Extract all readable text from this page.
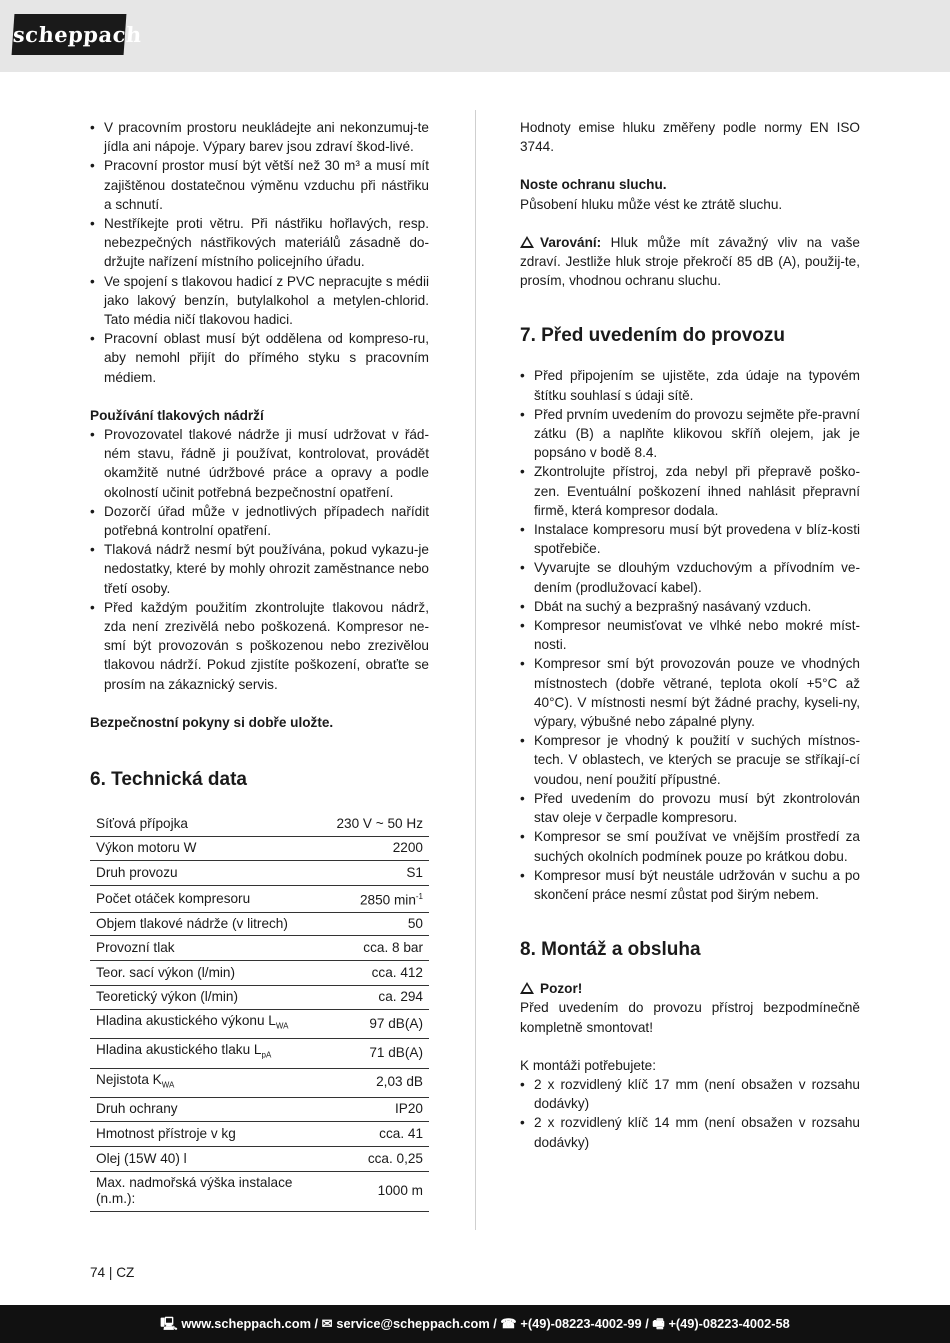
scheppach
• V pracovním prostoru neukládejte ani nekonzumuj-te jídla ani nápoje. Výpary barev jsou zdraví škod-livé.
• Pracovní prostor musí být větší než 30 m³ a musí mít zajištěnou dostatečnou výměnu vzduchu při nástřiku a schnutí.
• Nestříkejte proti větru. Při nástřiku hořlavých, resp. nebezpečných nástřikových materiálů zásadně do-držujte nařízení místního policejního úřadu.
• Ve spojení s tlakovou hadicí z PVC nepracujte s médii jako lakový benzín, butylalkohol a metylen-chlorid. Tato média ničí tlakovou hadici.
• Pracovní oblast musí být oddělena od kompreso-ru, aby nemohl přijít do přímého styku s pracovním médiem.

Používání tlakových nádrží

• Provozovatel tlakové nádrže ji musí udržovat v řád-ném stavu, řádně ji používat, kontrolovat, provádět okamžitě nutné údržbové práce a opravy a podle okolností učinit potřebná bezpečnostní opatření.
• Dozorčí úřad může v jednotlivých případech nařídit potřebná kontrolní opatření.
• Tlaková nádrž nesmí být používána, pokud vykazu-je nedostatky, které by mohly ohrozit zaměstnance nebo třetí osoby.
• Před každým použitím zkontrolujte tlakovou nádrž, zda není zrezivělá nebo poškozená. Kompresor ne-smí být provozován s poškozenou nebo zrezivělou tlakovou nádrží. Pokud zjistíte poškození, obraťte se prosím na zákaznický servis.

Bezpečnostní pokyny si dobře uložte.

6. Technická data
Síťová přípojka	230 V ~ 50 Hz
Výkon motoru W	2200
Druh provozu	S1
Počet otáček kompresoru	2850 $\min^{-1}$
Objem tlakové nádrže (v litrech)	50
Provozní tlak	cca. 8 bar
Teor. sací výkon (l/min)	cca. 412
Teoretický výkon (l/min)	ca. 294
Hladina akustického výkonu $L_{WA}$	97 dB(A)
Hladina akustického tlaku $L_{pA}$	71 dB(A)
Nejistota $K_{WA}$	2,03 dB
Druh ochrany	IP20
Hmotnost přístroje v kg	cca. 41
Olej (15W 40) l	cca. 0,25
Max. nadmořská výška instalace (n.m.):	1000 m

Hodnoty emise hluku změřeny podle normy EN ISO 3744.

Noste ochranu sluchu.

Působení hluku může vést ke ztrátě sluchu.

Varování: Hluk může mít závažný vliv na vaše zdraví. Jestliže hluk stroje překročí 85 dB (A), použij-te, prosím, vhodnou ochranu sluchu.

7. Před uvedením do provozu
• Před připojením se ujistěte, zda údaje na typovém štítku souhlasí s údaji sítě.
• Před prvním uvedením do provozu sejměte pře-pravní zátku (B) a naplňte klikovou skříň olejem, jak je popsáno v bodě 8.4.
• Zkontrolujte přístroj, zda nebyl při přepravě poško-zen. Eventuální poškození ihned nahlásit přepravní firmě, která kompresor dodala.
• Instalace kompresoru musí být provedena v blíz-kosti spotřebiče.
• Vyvarujte se dlouhým vzduchovým a přívodním ve-dením (prodlužovací kabel).
• Dbát na suchý a bezprašný nasávaný vzduch.
• Kompresor neumisťovat ve vlhké nebo mokré míst-nosti.
• Kompresor smí být provozován pouze ve vhodných místnostech (dobře větrané, teplota okolí +5°C až 40°C). V místnosti nesmí být žádné prachy, kyseli-ny, výpary, výbušné nebo zápalné plyny.
• Kompresor je vhodný k použití v suchých místnos-tech. V oblastech, ve kterých se pracuje se stříkají-cí voudou, není použití přípustné.
• Před uvedením do provozu musí být zkontrolován stav oleje v čerpadle kompresoru.
• Kompresor se smí používat ve vnějším prostředí za suchých okolních podmínek pouze po krátkou dobu.
• Kompresor musí být neustále udržován v suchu a po skončení práce nesmí zůstat pod širým nebem.
8. Montáž a obsluha

Pozor!

Před uvedením do provozu přístroj bezpodmínečně kompletně smontovat!

K montáži potřebujete:

• 2 x rozvidlený klíč 17 mm (není obsažen v rozsahu dodávky)
• 2 x rozvidlený klíč 14 mm (není obsažen v rozsahu dodávky)
74 | CZ
🖳 www.scheppach.com / ✉ service@scheppach.com / ☎ +(49)-08223-4002-99 / 🖷 +(49)-08223-4002-58
